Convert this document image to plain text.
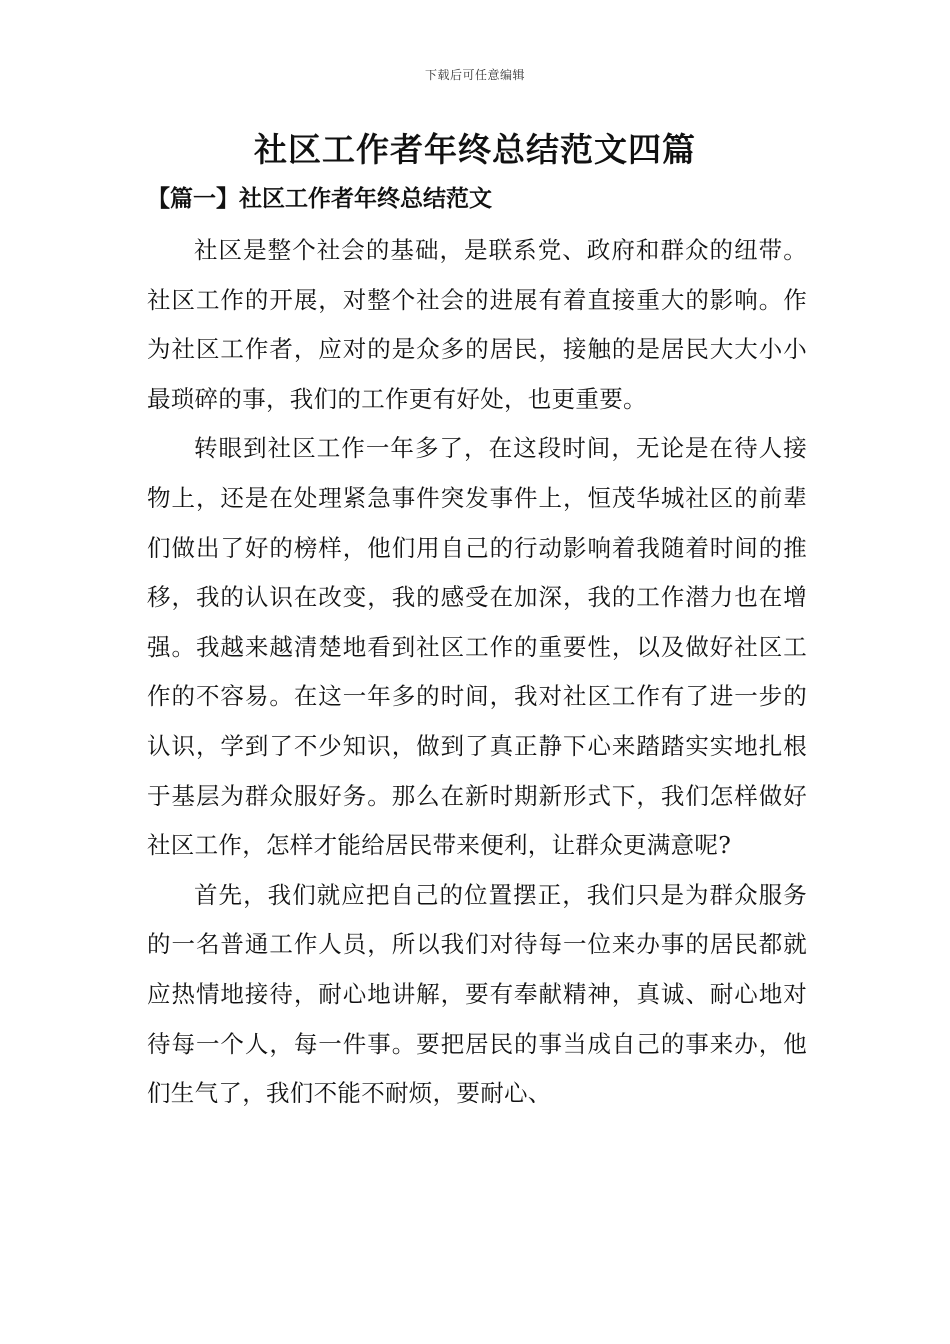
下载后可任意编辑
社区工作者年终总结范文四篇
【篇一】社区工作者年终总结范文

社区是整个社会的基础，是联系党、政府和群众的纽带。社区工作的开展，对整个社会的进展有着直接重大的影响。作为社区工作者，应对的是众多的居民，接触的是居民大大小小最琐碎的事，我们的工作更有好处，也更重要。

转眼到社区工作一年多了，在这段时间，无论是在待人接物上，还是在处理紧急事件突发事件上，恒茂华城社区的前辈们做出了好的榜样，他们用自己的行动影响着我随着时间的推移，我的认识在改变，我的感受在加深，我的工作潜力也在增强。我越来越清楚地看到社区工作的重要性，以及做好社区工作的不容易。在这一年多的时间，我对社区工作有了进一步的认识，学到了不少知识，做到了真正静下心来踏踏实实地扎根于基层为群众服好务。那么在新时期新形式下，我们怎样做好社区工作，怎样才能给居民带来便利，让群众更满意呢?

首先，我们就应把自己的位置摆正，我们只是为群众服务的一名普通工作人员，所以我们对待每一位来办事的居民都就应热情地接待，耐心地讲解，要有奉献精神，真诚、耐心地对待每一个人，每一件事。要把居民的事当成自己的事来办，他们生气了，我们不能不耐烦，要耐心、
